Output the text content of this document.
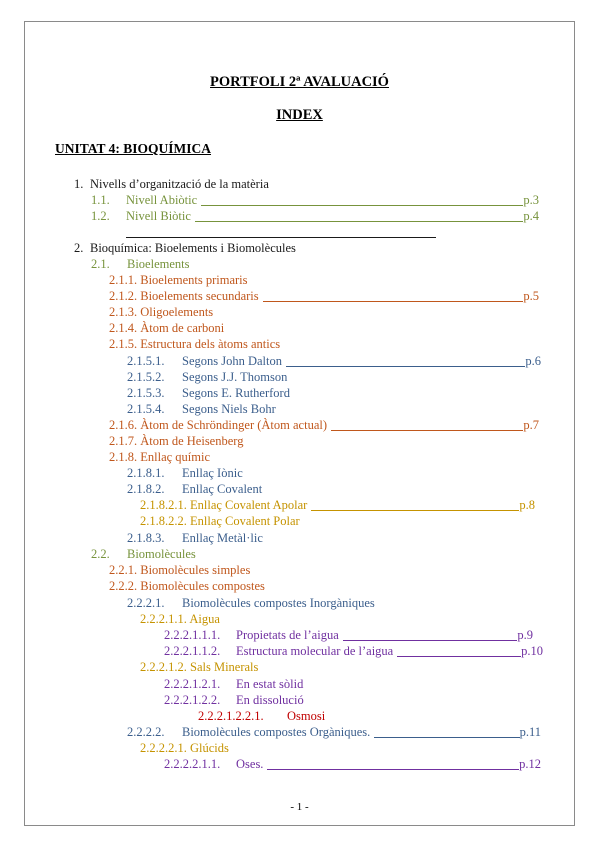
PORTFOLI 2ª AVALUACIÓ
INDEX
UNITAT 4: BIOQUÍMICA
1. Nivells d’organització de la matèria
1.1. Nivell Abiòtic	p.3
1.2. Nivell Biòtic	p.4
2. Bioquímica: Bioelements i Biomolècules
2.1. Bioelements
2.1.1. Bioelements primaris
2.1.2. Bioelements secundaris	p.5
2.1.3. Oligoelements
2.1.4. Àtom de carboni
2.1.5. Estructura dels àtoms antics
2.1.5.1. Segons John Dalton	p.6
2.1.5.2. Segons J.J. Thomson
2.1.5.3. Segons E. Rutherford
2.1.5.4. Segons Niels Bohr
2.1.6. Àtom de Schröndinger (Àtom actual)	p.7
2.1.7. Àtom de Heisenberg
2.1.8. Enllaç químic
2.1.8.1. Enllaç Iònic
2.1.8.2. Enllaç Covalent
2.1.8.2.1. Enllaç Covalent Apolar	p.8
2.1.8.2.2. Enllaç Covalent Polar
2.1.8.3. Enllaç Metàl·lic
2.2. Biomolècules
2.2.1. Biomolècules simples
2.2.2. Biomolècules compostes
2.2.2.1. Biomolècules compostes Inorgàniques
2.2.2.1.1. Aigua
2.2.2.1.1.1. Propietats de l’aigua	p.9
2.2.2.1.1.2. Estructura molecular de l’aigua	p.10
2.2.2.1.2. Sals Minerals
2.2.2.1.2.1. En estat sòlid
2.2.2.1.2.2. En dissolució
2.2.2.1.2.2.1. Osmosi
2.2.2.2. Biomolècules compostes Orgàniques.	p.11
2.2.2.2.1. Glúcids
2.2.2.2.1.1. Oses.	p.12
- 1 -
